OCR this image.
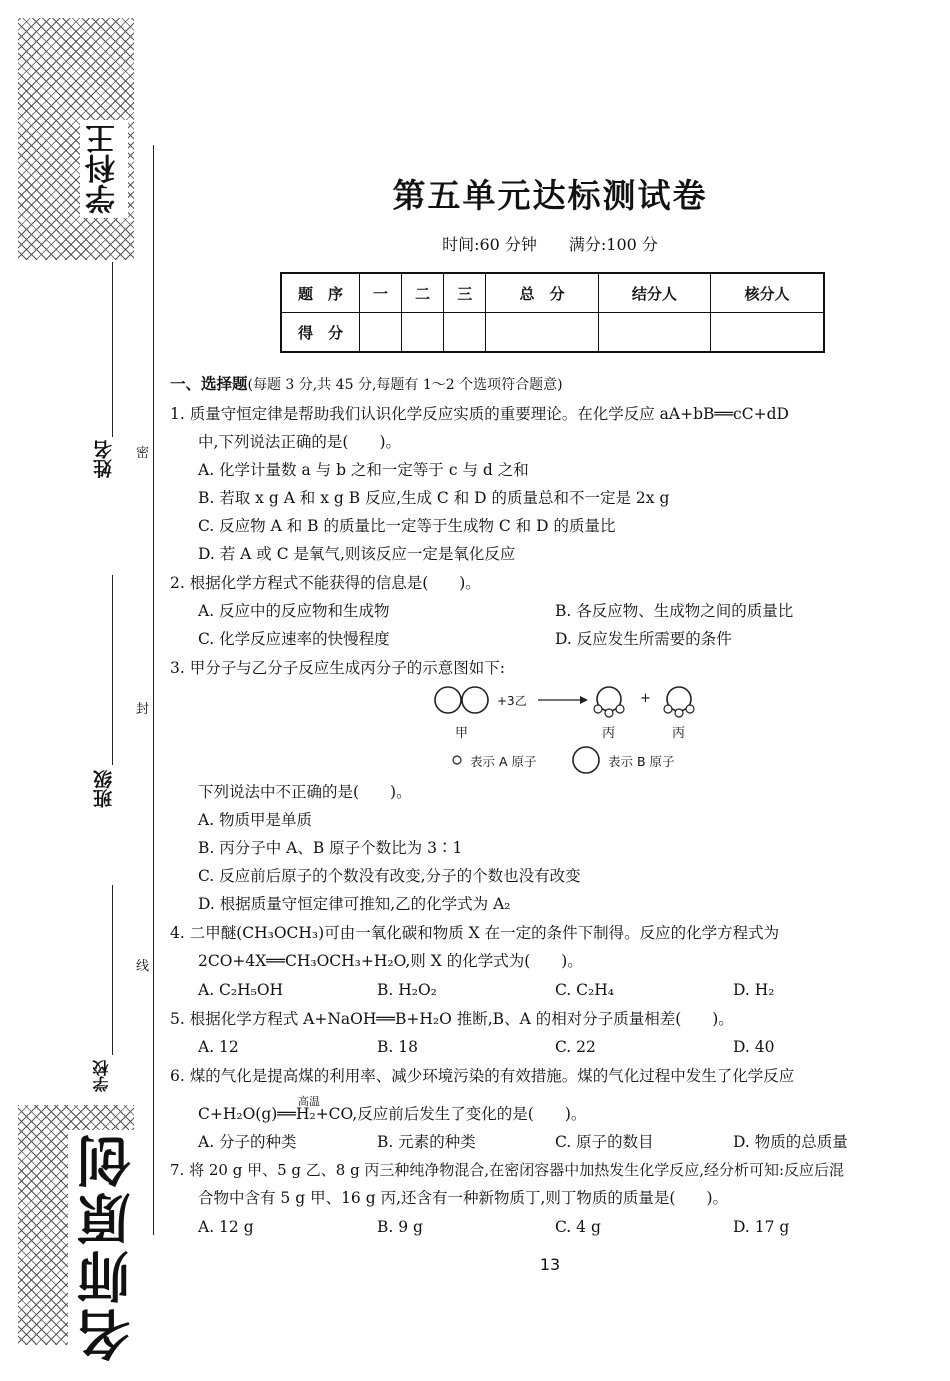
学科王
名师原创
姓名
班级
学校
密
封
线
第五单元达标测试卷
时间:60 分钟　　满分:100 分
题　序	一	二	三	总　分	结分人	核分人
得　分						
一、选择题(每题 3 分,共 45 分,每题有 1～2 个选项符合题意)
1. 质量守恒定律是帮助我们认识化学反应实质的重要理论。在化学反应 aA+bB══cC+dD
中,下列说法正确的是(　　)。
A. 化学计量数 a 与 b 之和一定等于 c 与 d 之和
B. 若取 x g A 和 x g B 反应,生成 C 和 D 的质量总和不一定是 2x g
C. 反应物 A 和 B 的质量比一定等于生成物 C 和 D 的质量比
D. 若 A 或 C 是氧气,则该反应一定是氧化反应
2. 根据化学方程式不能获得的信息是(　　)。
A. 反应中的反应物和生成物	B. 各反应物、生成物之间的质量比
C. 化学反应速率的快慢程度	D. 反应发生所需要的条件
3. 甲分子与乙分子反应生成丙分子的示意图如下:
+3乙	+
甲	丙	丙
表示 A 原子	表示 B 原子
下列说法中不正确的是(　　)。
A. 物质甲是单质
B. 丙分子中 A、B 原子个数比为 3∶1
C. 反应前后原子的个数没有改变,分子的个数也没有改变
D. 根据质量守恒定律可推知,乙的化学式为 A₂
4. 二甲醚(CH₃OCH₃)可由一氧化碳和物质 X 在一定的条件下制得。反应的化学方程式为
2CO+4X══CH₃OCH₃+H₂O,则 X 的化学式为(　　)。
A. C₂H₅OH	B. H₂O₂	C. C₂H₄	D. H₂
5. 根据化学方程式 A+NaOH══B+H₂O 推断,B、A 的相对分子质量相差(　　)。
A. 12	B. 18	C. 22	D. 40
6. 煤的气化是提高煤的利用率、减少环境污染的有效措施。煤的气化过程中发生了化学反应
高温
C+H₂O(g)══H₂+CO,反应前后发生了变化的是(　　)。
A. 分子的种类	B. 元素的种类	C. 原子的数目	D. 物质的总质量
7. 将 20 g 甲、5 g 乙、8 g 丙三种纯净物混合,在密闭容器中加热发生化学反应,经分析可知:反应后混
合物中含有 5 g 甲、16 g 丙,还含有一种新物质丁,则丁物质的质量是(　　)。
A. 12 g	B. 9 g	C. 4 g	D. 17 g
13
